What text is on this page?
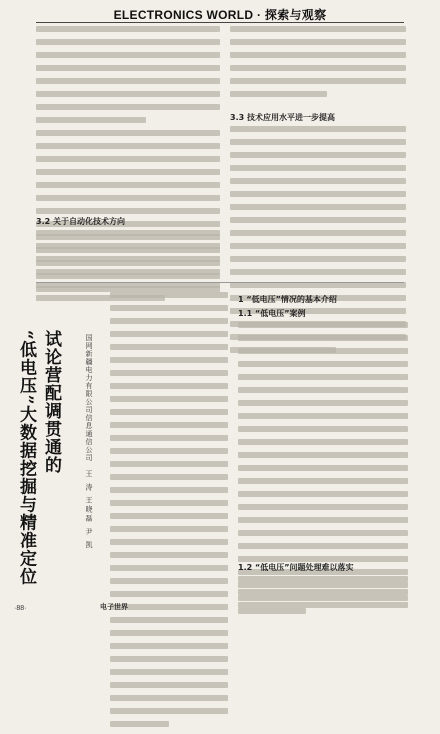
ELECTRONICS WORLD · 探索与观察
3.2 关于自动化技术方向
3.3 技术应用水平进一步提高
试论营配调贯通的
“低电压”大数据挖掘与精准定位	国网新疆电力有限公司信息通信公司
王 涛 王晓磊 尹 凯
1 “低电压”情况的基本介绍
1.1 “低电压”案例
1.2 “低电压”问题处理难以落实
·88·	电子世界
